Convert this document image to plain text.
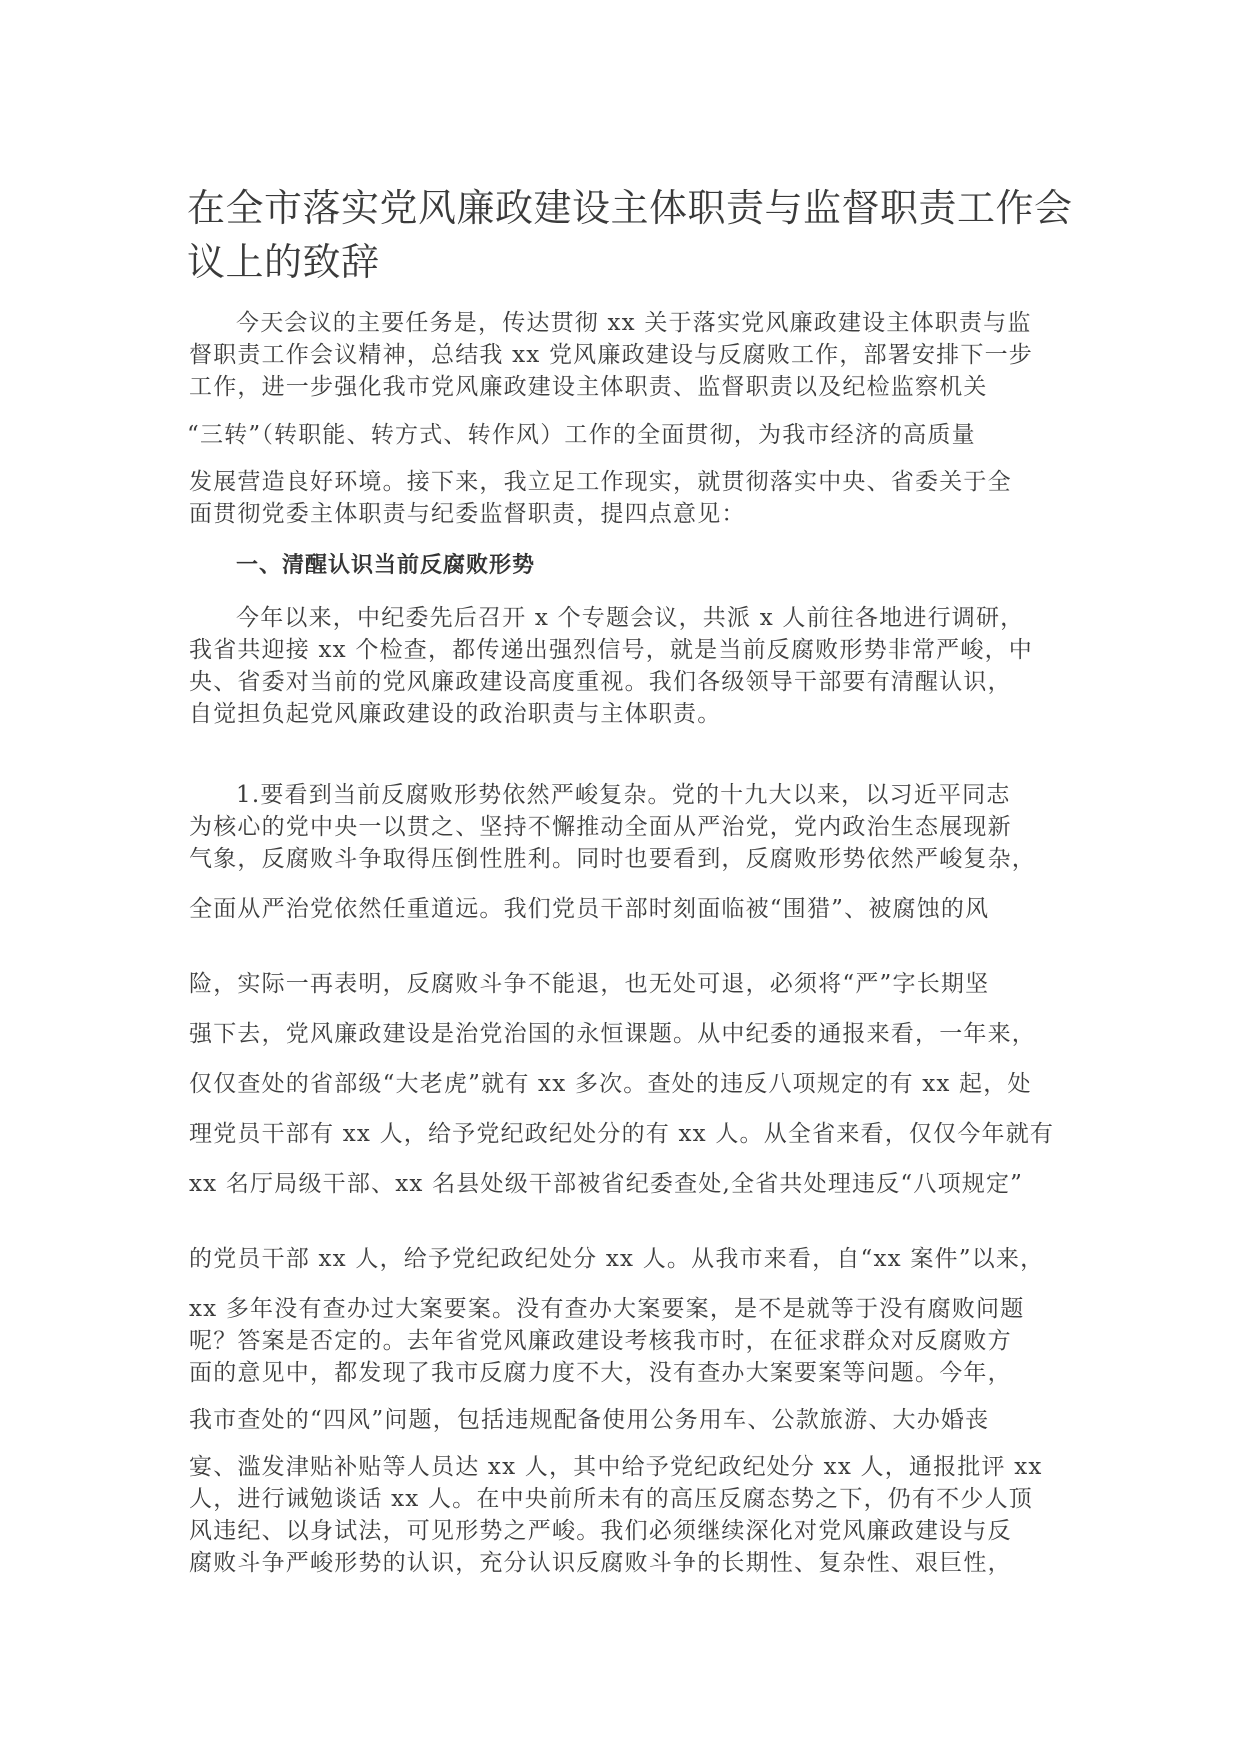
在全市落实党风廉政建设主体职责与监督职责工作会
议上的致辞
今天会议的主要任务是，传达贯彻 xx 关于落实党风廉政建设主体职责与监
督职责工作会议精神，总结我 xx 党风廉政建设与反腐败工作，部署安排下一步
工作，进一步强化我市党风廉政建设主体职责、监督职责以及纪检监察机关
“三转”（转职能、转方式、转作风）工作的全面贯彻，为我市经济的高质量
发展营造良好环境。接下来，我立足工作现实，就贯彻落实中央、省委关于全
面贯彻党委主体职责与纪委监督职责，提四点意见：
一、清醒认识当前反腐败形势
今年以来，中纪委先后召开 x 个专题会议，共派 x 人前往各地进行调研，
我省共迎接 xx 个检查，都传递出强烈信号，就是当前反腐败形势非常严峻，中
央、省委对当前的党风廉政建设高度重视。我们各级领导干部要有清醒认识，
自觉担负起党风廉政建设的政治职责与主体职责。
1.要看到当前反腐败形势依然严峻复杂。党的十九大以来，以习近平同志
为核心的党中央一以贯之、坚持不懈推动全面从严治党，党内政治生态展现新
气象，反腐败斗争取得压倒性胜利。同时也要看到，反腐败形势依然严峻复杂，
全面从严治党依然任重道远。我们党员干部时刻面临被“围猎”、被腐蚀的风
险，实际一再表明，反腐败斗争不能退，也无处可退，必须将“严”字长期坚
强下去，党风廉政建设是治党治国的永恒课题。从中纪委的通报来看，一年来，
仅仅查处的省部级“大老虎”就有 xx 多次。查处的违反八项规定的有 xx 起，处
理党员干部有 xx 人，给予党纪政纪处分的有 xx 人。从全省来看，仅仅今年就有
xx 名厅局级干部、xx 名县处级干部被省纪委查处,全省共处理违反“八项规定”
的党员干部 xx 人，给予党纪政纪处分 xx 人。从我市来看，自“xx 案件”以来，
xx 多年没有查办过大案要案。没有查办大案要案，是不是就等于没有腐败问题
呢？答案是否定的。去年省党风廉政建设考核我市时，在征求群众对反腐败方
面的意见中，都发现了我市反腐力度不大，没有查办大案要案等问题。今年，
我市查处的“四风”问题，包括违规配备使用公务用车、公款旅游、大办婚丧
宴、滥发津贴补贴等人员达 xx 人，其中给予党纪政纪处分 xx 人，通报批评 xx
人，进行诫勉谈话 xx 人。在中央前所未有的高压反腐态势之下，仍有不少人顶
风违纪、以身试法，可见形势之严峻。我们必须继续深化对党风廉政建设与反
腐败斗争严峻形势的认识，充分认识反腐败斗争的长期性、复杂性、艰巨性，
